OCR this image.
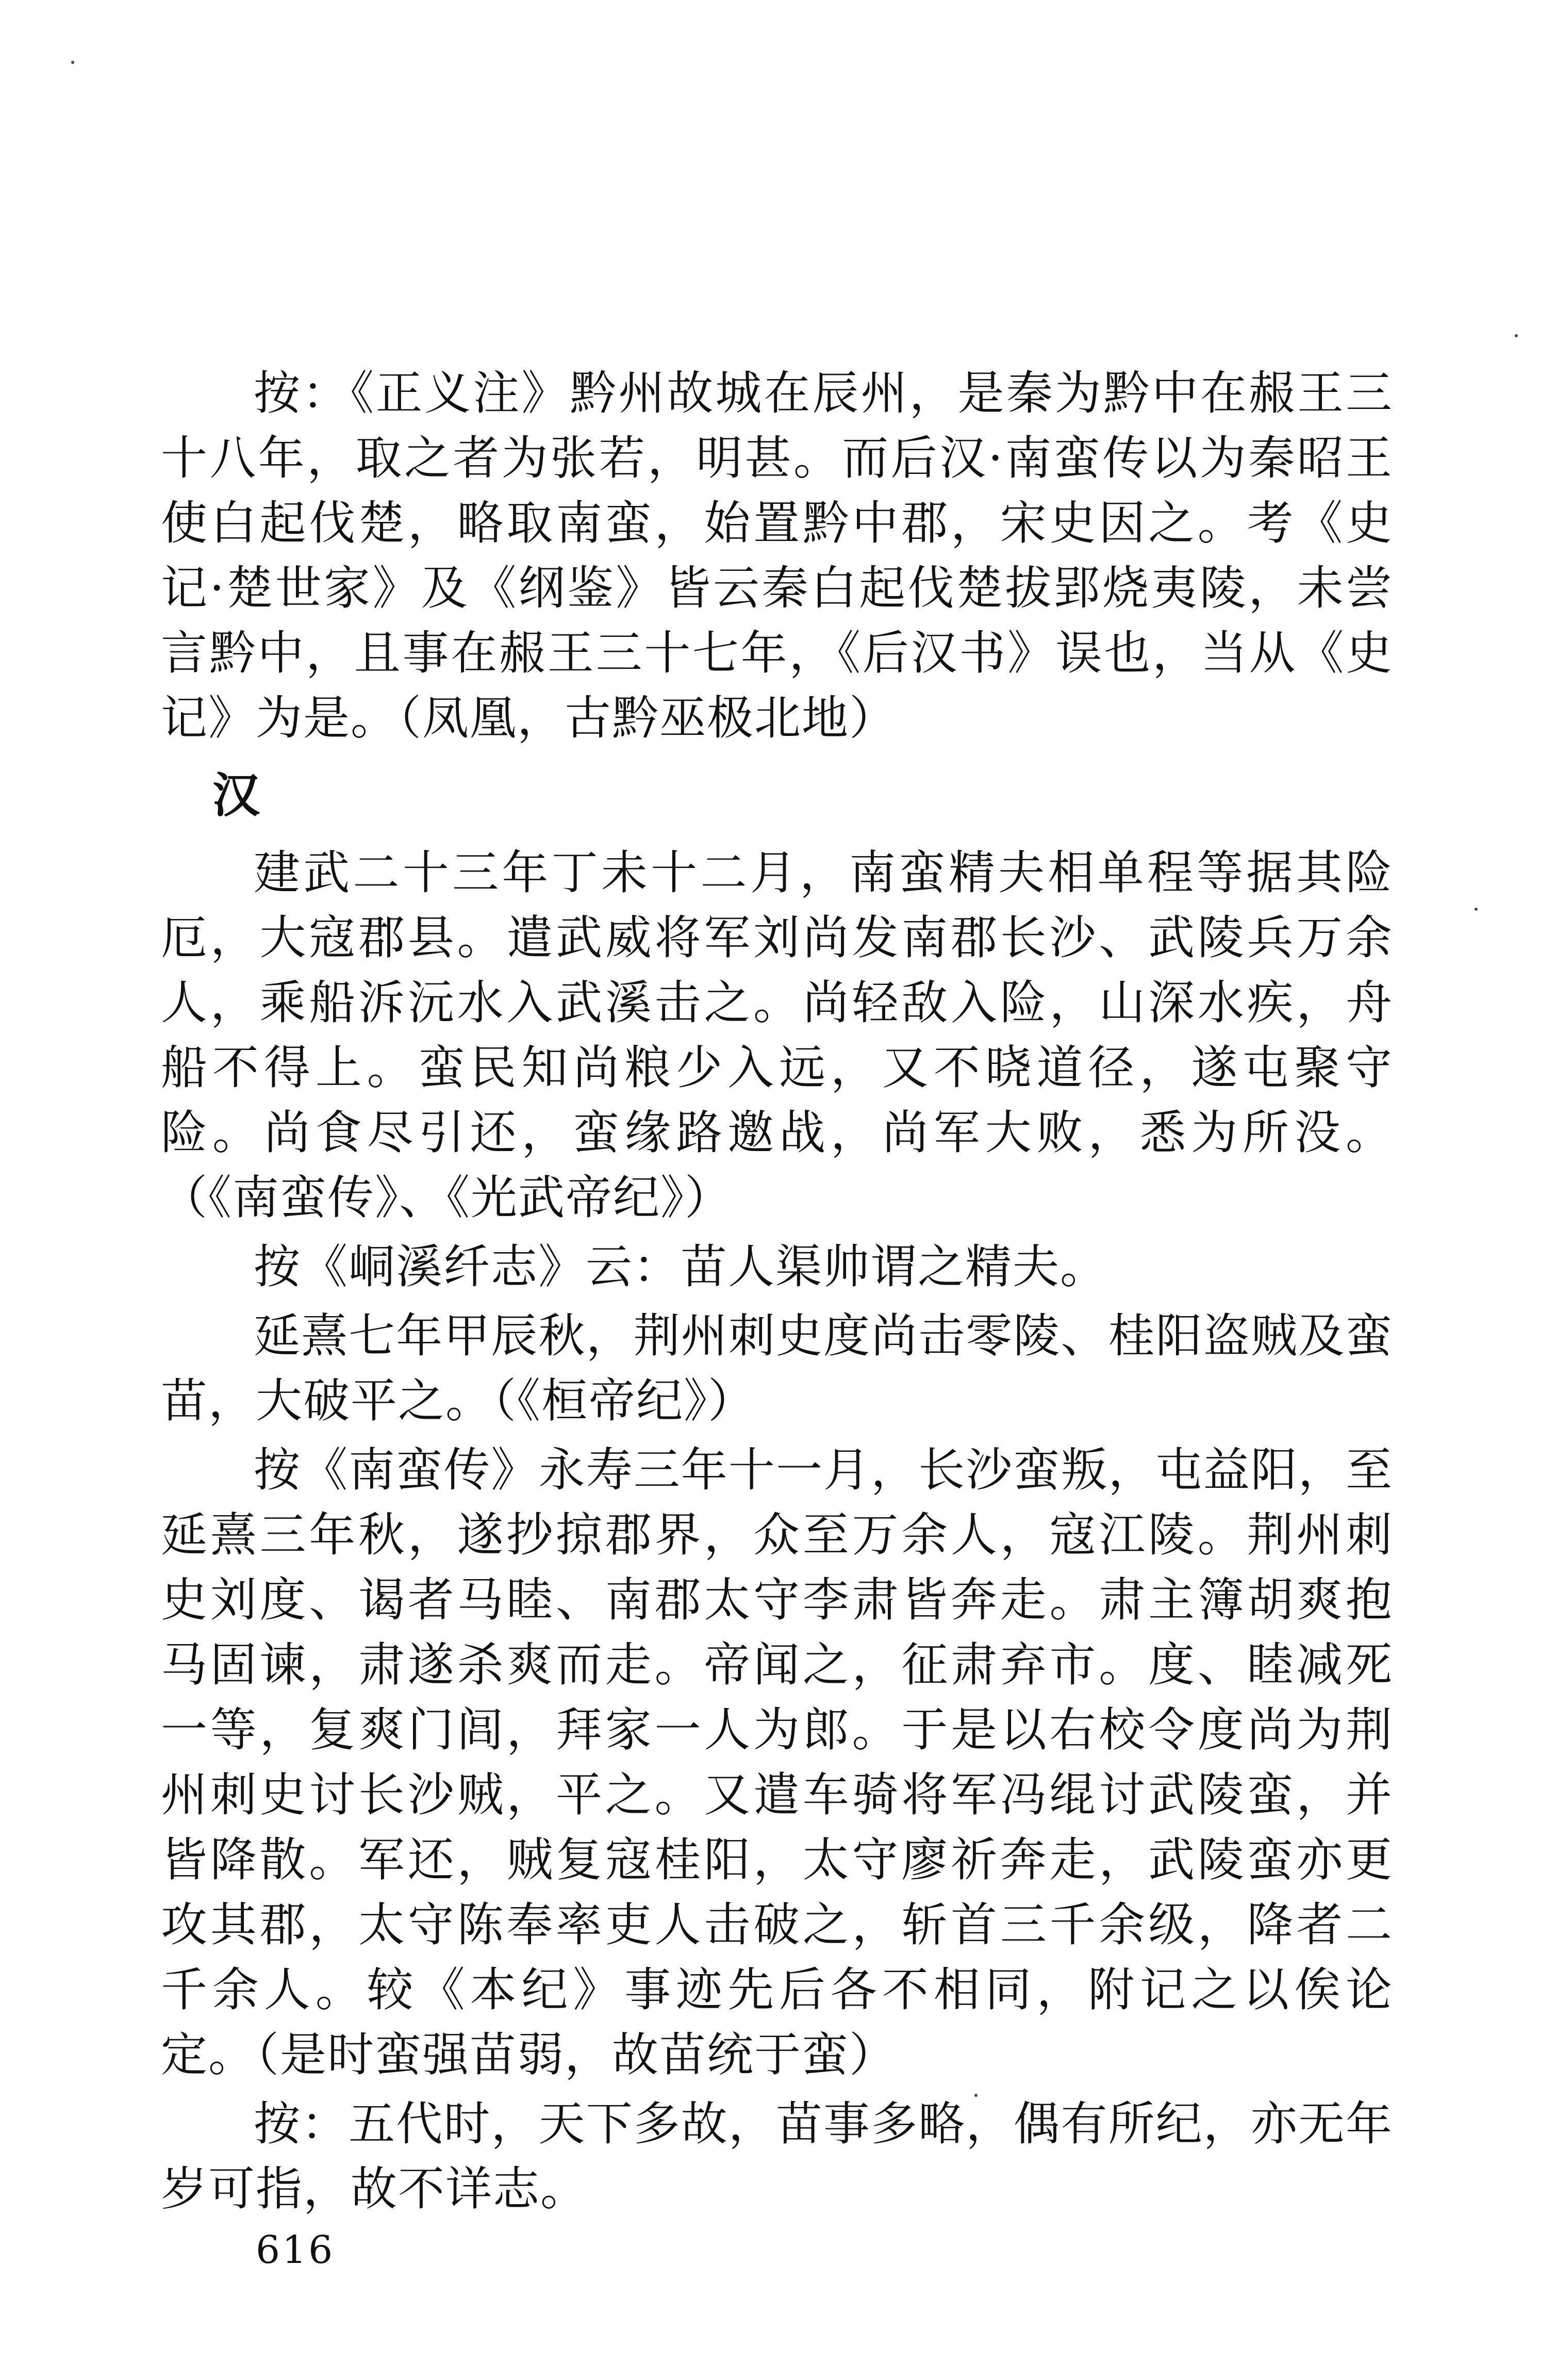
按：《正义注》黔州故城在辰州，是秦为黔中在赧王三十八年，取之者为张若，明甚。而后汉·南蛮传以为秦昭王使白起伐楚，略取南蛮，始置黔中郡，宋史因之。考《史记·楚世家》及《纲鉴》皆云秦白起伐楚拔郢烧夷陵，未尝言黔中，且事在赧王三十七年，《后汉书》误也，当从《史记》为是。（凤凰，古黔巫极北地）

汉

建武二十三年丁未十二月，南蛮精夫相单程等据其险厄，大寇郡县。遣武威将军刘尚发南郡长沙、武陵兵万余人，乘船泝沅水入武溪击之。尚轻敌入险，山深水疾，舟船不得上。蛮民知尚粮少入远，又不晓道径，遂屯聚守险。尚食尽引还，蛮缘路邀战，尚军大败，悉为所没。（《南蛮传》、《光武帝纪》）

按《峒溪纤志》云：苗人渠帅谓之精夫。

延熹七年甲辰秋，荆州刺史度尚击零陵、桂阳盗贼及蛮苗，大破平之。（《桓帝纪》）

按《南蛮传》永寿三年十一月，长沙蛮叛，屯益阳，至延熹三年秋，遂抄掠郡界，众至万余人，寇江陵。荆州刺史刘度、谒者马睦、南郡太守李肃皆奔走。肃主簿胡爽抱马固谏，肃遂杀爽而走。帝闻之，征肃弃市。度、睦减死一等，复爽门闾，拜家一人为郎。于是以右校令度尚为荆州刺史讨长沙贼，平之。又遣车骑将军冯绲讨武陵蛮，并皆降散。军还，贼复寇桂阳，太守廖祈奔走，武陵蛮亦更攻其郡，太守陈奉率吏人击破之，斩首三千余级，降者二千余人。较《本纪》事迹先后各不相同，附记之以俟论定。（是时蛮强苗弱，故苗统于蛮）

按：五代时，天下多故，苗事多略，偶有所纪，亦无年岁可指，故不详志。

616
